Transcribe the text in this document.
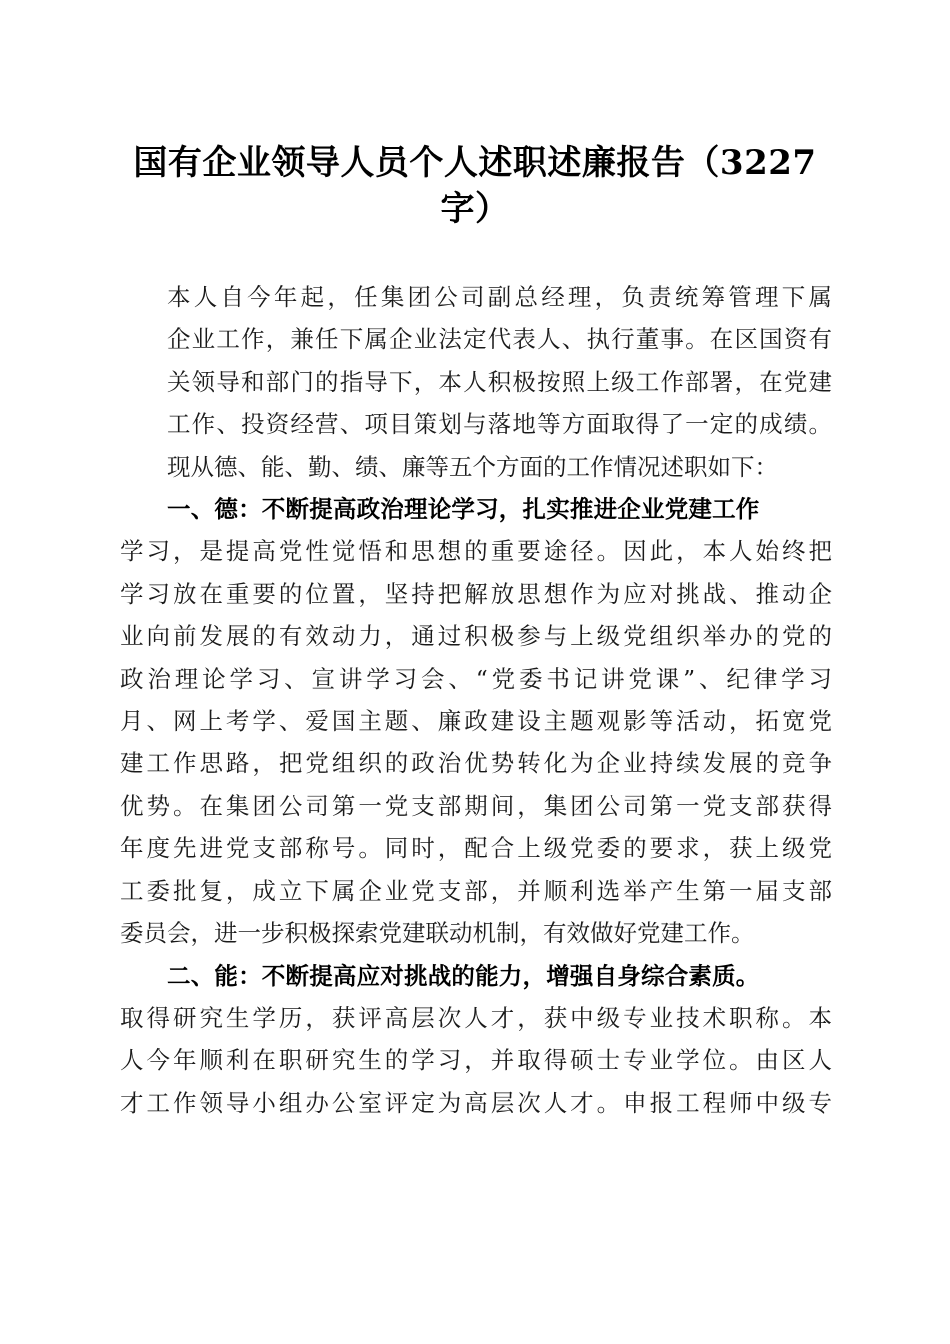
国有企业领导人员个人述职述廉报告（3227
字）

本人自今年起，任集团公司副总经理，负责统筹管理下属
企业工作，兼任下属企业法定代表人、执行董事。在区国资有
关领导和部门的指导下，本人积极按照上级工作部署，在党建
工作、投资经营、项目策划与落地等方面取得了一定的成绩。
现从德、能、勤、绩、廉等五个方面的工作情况述职如下：

一、德：不断提高政治理论学习，扎实推进企业党建工作

学习，是提高党性觉悟和思想的重要途径。因此，本人始终把
学习放在重要的位置，坚持把解放思想作为应对挑战、推动企
业向前发展的有效动力，通过积极参与上级党组织举办的党的
政治理论学习、宣讲学习会、“党委书记讲党课”、纪律学习
月、网上考学、爱国主题、廉政建设主题观影等活动，拓宽党
建工作思路，把党组织的政治优势转化为企业持续发展的竞争
优势。在集团公司第一党支部期间，集团公司第一党支部获得
年度先进党支部称号。同时，配合上级党委的要求，获上级党
工委批复，成立下属企业党支部，并顺利选举产生第一届支部
委员会，进一步积极探索党建联动机制，有效做好党建工作。

二、能：不断提高应对挑战的能力，增强自身综合素质。

取得研究生学历，获评高层次人才，获中级专业技术职称。本
人今年顺利在职研究生的学习，并取得硕士专业学位。由区人
才工作领导小组办公室评定为高层次人才。申报工程师中级专
